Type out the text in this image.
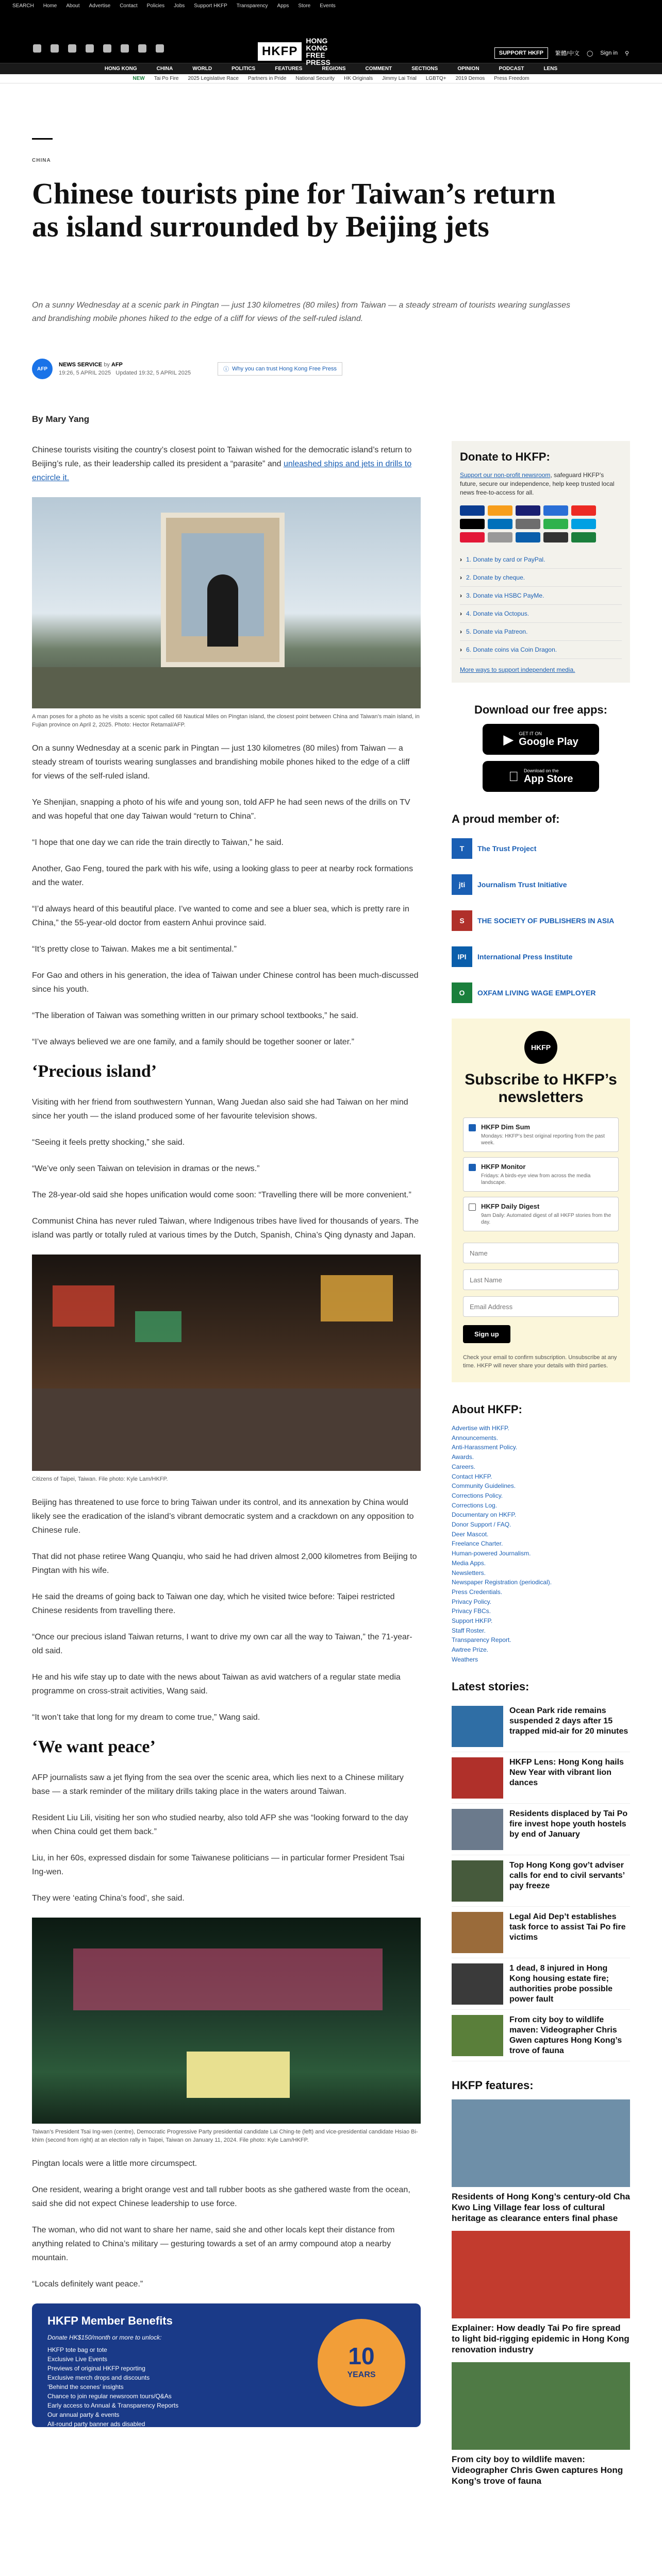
SEARCH Home About Advertise Contact Policies Jobs Support HKFP Transparency Apps Store Events
HKFP
HONG KONG FREE PRESS
SUPPORT HKFP	繁體/中文 ◯ Sign in ⚲
HONG KONG	CHINA	WORLD	POLITICS	FEATURES	REGIONS	COMMENT	SECTIONS	OPINION	PODCAST	LENS
NEW Tai Po Fire 2025 Legislative Race Partners in Pride National Security HK Originals Jimmy Lai Trial LGBTQ+ 2019 Demos Press Freedom
CHINA
Chinese tourists pine for Taiwan’s return as island surrounded by Beijing jets
On a sunny Wednesday at a scenic park in Pingtan — just 130 kilometres (80 miles) from Taiwan — a steady stream of tourists wearing sunglasses and brandishing mobile phones hiked to the edge of a cliff for views of the self-ruled island.
AFP
NEWS SERVICE by AFP
19:26, 5 APRIL 2025 Updated 19:32, 5 APRIL 2025
ⓘ Why you can trust Hong Kong Free Press
By Mary Yang

Chinese tourists visiting the country’s closest point to Taiwan wished for the democratic island’s return to Beijing’s rule, as their leadership called its president a “parasite” and unleashed ships and jets in drills to encircle it.

A man poses for a photo as he visits a scenic spot called 68 Nautical Miles on Pingtan island, the closest point between China and Taiwan’s main island, in Fujian province on April 2, 2025. Photo: Hector Retamal/AFP.

On a sunny Wednesday at a scenic park in Pingtan — just 130 kilometres (80 miles) from Taiwan — a steady stream of tourists wearing sunglasses and brandishing mobile phones hiked to the edge of a cliff for views of the self-ruled island.

Ye Shenjian, snapping a photo of his wife and young son, told AFP he had seen news of the drills on TV and was hopeful that one day Taiwan would “return to China”.

“I hope that one day we can ride the train directly to Taiwan,” he said.

Another, Gao Feng, toured the park with his wife, using a looking glass to peer at nearby rock formations and the water.

“I’d always heard of this beautiful place. I’ve wanted to come and see a bluer sea, which is pretty rare in China,” the 55-year-old doctor from eastern Anhui province said.

“It’s pretty close to Taiwan. Makes me a bit sentimental.”

For Gao and others in his generation, the idea of Taiwan under Chinese control has been much-discussed since his youth.

“The liberation of Taiwan was something written in our primary school textbooks,” he said.

“I’ve always believed we are one family, and a family should be together sooner or later.”

‘Precious island’

Visiting with her friend from southwestern Yunnan, Wang Juedan also said she had Taiwan on her mind since her youth — the island produced some of her favourite television shows.

“Seeing it feels pretty shocking,” she said.

“We’ve only seen Taiwan on television in dramas or the news.”

The 28-year-old said she hopes unification would come soon: “Travelling there will be more convenient.”

Communist China has never ruled Taiwan, where Indigenous tribes have lived for thousands of years. The island was partly or totally ruled at various times by the Dutch, Spanish, China’s Qing dynasty and Japan.

Citizens of Taipei, Taiwan. File photo: Kyle Lam/HKFP.

Beijing has threatened to use force to bring Taiwan under its control, and its annexation by China would likely see the eradication of the island’s vibrant democratic system and a crackdown on any opposition to Chinese rule.

That did not phase retiree Wang Quanqiu, who said he had driven almost 2,000 kilometres from Beijing to Pingtan with his wife.

He said the dreams of going back to Taiwan one day, which he visited twice before: Taipei restricted Chinese residents from travelling there.

“Once our precious island Taiwan returns, I want to drive my own car all the way to Taiwan,” the 71-year-old said.

He and his wife stay up to date with the news about Taiwan as avid watchers of a regular state media programme on cross-strait activities, Wang said.

“It won’t take that long for my dream to come true,” Wang said.

‘We want peace’

AFP journalists saw a jet flying from the sea over the scenic area, which lies next to a Chinese military base — a stark reminder of the military drills taking place in the waters around Taiwan.

Resident Liu Lili, visiting her son who studied nearby, also told AFP she was “looking forward to the day when China could get them back.”

Liu, in her 60s, expressed disdain for some Taiwanese politicians — in particular former President Tsai Ing-wen.

They were ‘eating China’s food’, she said.

Taiwan’s President Tsai Ing-wen (centre), Democratic Progressive Party presidential candidate Lai Ching-te (left) and vice-presidential candidate Hsiao Bi-khim (second from right) at an election rally in Taipei, Taiwan on January 11, 2024. File photo: Kyle Lam/HKFP.

Pingtan locals were a little more circumspect.

One resident, wearing a bright orange vest and tall rubber boots as she gathered waste from the ocean, said she did not expect Chinese leadership to use force.

The woman, who did not want to share her name, said she and other locals kept their distance from anything related to China’s military — gesturing towards a set of an army compound atop a nearby mountain.

“Locals definitely want peace.”

HKFP Member Benefits
Donate HK$150/month or more to unlock:
HKFP tote bag or tote
Exclusive Live Events
Previews of original HKFP reporting
Exclusive merch drops and discounts
‘Behind the scenes’ insights
Chance to join regular newsroom tours/Q&As
Early access to Annual & Transparency Reports
Our annual party & events
All-round party banner ads disabled
10
YEARS
Donate to HKFP:

Support our non-profit newsroom, safeguard HKFP’s future, secure our independence, help keep trusted local news free-to-access for all.

› 1. Donate by card or PayPal.
› 2. Donate by cheque.
› 3. Donate via HSBC PayMe.
› 4. Donate via Octopus.
› 5. Donate via Patreon.
› 6. Donate coins via Coin Dragon.
More ways to support independent media.
Download our free apps:
▶ GET IT ON
Google Play
Download on the
App Store
A proud member of:
T	The Trust Project
jti	Journalism Trust Initiative
S	THE SOCIETY OF PUBLISHERS IN ASIA
IPI	International Press Institute
O	OXFAM LIVING WAGE EMPLOYER
HKFP
Subscribe to HKFP’s newsletters
HKFP Dim Sum
Mondays: HKFP’s best original reporting from the past week.
HKFP Monitor
Fridays: A birds-eye view from across the media landscape.
HKFP Daily Digest
9am Daily: Automated digest of all HKFP stories from the day.
Name Last Name Email Address Sign up
Check your email to confirm subscription. Unsubscribe at any time. HKFP will never share your details with third parties.
About HKFP:
Advertise with HKFP.
Announcements.
Anti-Harassment Policy.
Awards.
Careers.
Contact HKFP.
Community Guidelines.
Corrections Policy.
Corrections Log.
Documentary on HKFP.
Donor Support / FAQ.
Deer Mascot.
Freelance Charter.
Human-powered Journalism.
Media Apps.
Newsletters.
Newspaper Registration (periodical).
Press Credentials.
Privacy Policy.
Privacy FBCs.
Support HKFP.
Staff Roster.
Transparency Report.
Awtree Prize.
Weathers
Latest stories:
Ocean Park ride remains suspended 2 days after 15 trapped mid-air for 20 minutes
HKFP Lens: Hong Kong hails New Year with vibrant lion dances
Residents displaced by Tai Po fire invest hope youth hostels by end of January
Top Hong Kong gov’t adviser calls for end to civil servants’ pay freeze
Legal Aid Dep’t establishes task force to assist Tai Po fire victims
1 dead, 8 injured in Hong Kong housing estate fire; authorities probe possible power fault
From city boy to wildlife maven: Videographer Chris Gwen captures Hong Kong’s trove of fauna
HKFP features:
Residents of Hong Kong’s century-old Cha Kwo Ling Village fear loss of cultural heritage as clearance enters final phase
Explainer: How deadly Tai Po fire spread to light bid-rigging epidemic in Hong Kong renovation industry
From city boy to wildlife maven: Videographer Chris Gwen captures Hong Kong’s trove of fauna
